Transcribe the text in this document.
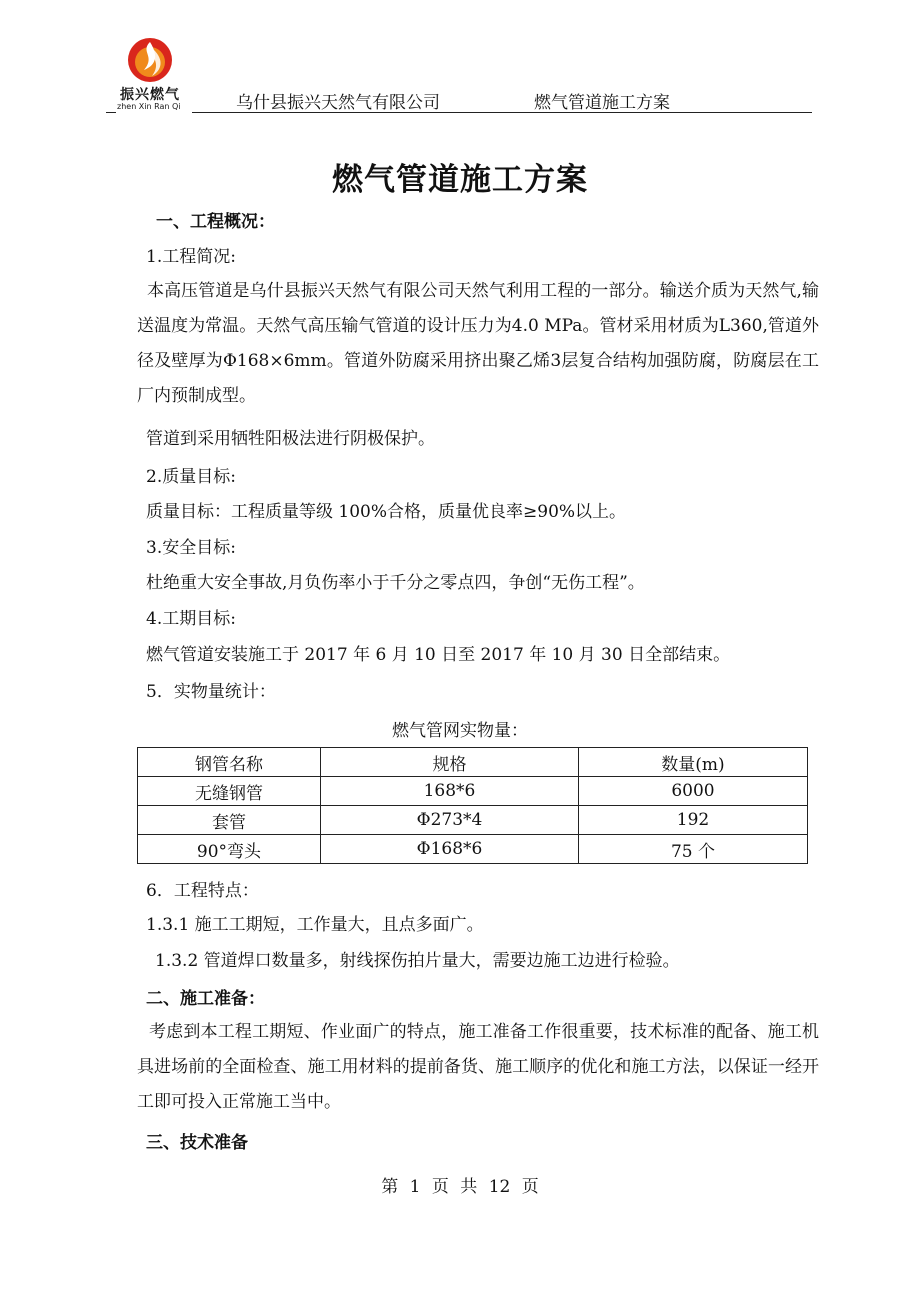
振兴燃气
zhen Xin Ran Qi	乌什县振兴天然气有限公司	燃气管道施工方案
燃气管道施工方案
一、工程概况：
1.工程简况:
本高压管道是乌什县振兴天然气有限公司天然气利用工程的一部分。输送介质为天然气,输送温度为常温。天然气高压输气管道的设计压力为4.0 MPa。管材采用材质为L360,管道外径及壁厚为Φ168×6mm。管道外防腐采用挤出聚乙烯3层复合结构加强防腐，防腐层在工厂内预制成型。
管道到采用牺牲阳极法进行阴极保护。
2.质量目标:
质量目标：工程质量等级 100%合格，质量优良率≥90%以上。
3.安全目标:
杜绝重大安全事故,月负伤率小于千分之零点四，争创“无伤工程”。
4.工期目标:
燃气管道安装施工于 2017 年 6 月 10 日至 2017 年 10 月 30 日全部结束。
5．实物量统计：
燃气管网实物量：
钢管名称	规格	数量(m)
无缝钢管	168*6	6000
套管	Φ273*4	192
90°弯头	Φ168*6	75 个
6．工程特点：
1.3.1 施工工期短，工作量大，且点多面广。
1.3.2 管道焊口数量多，射线探伤拍片量大，需要边施工边进行检验。
二、施工准备：
考虑到本工程工期短、作业面广的特点，施工准备工作很重要，技术标准的配备、施工机具进场前的全面检查、施工用材料的提前备货、施工顺序的优化和施工方法，以保证一经开工即可投入正常施工当中。
三、技术准备
第 1 页 共 12 页
